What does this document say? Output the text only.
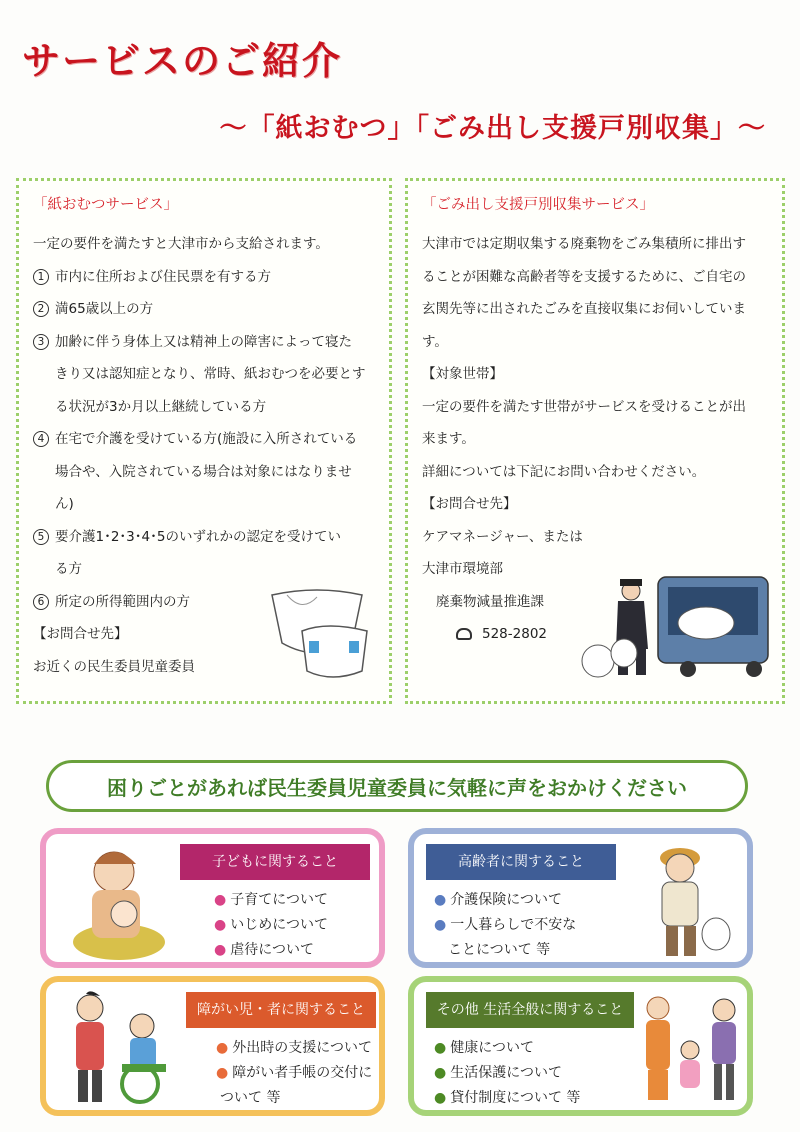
サービスのご紹介
〜「紙おむつ」「ごみ出し支援戸別収集」〜
「紙おむつサービス」

一定の要件を満たすと大津市から支給されます。

1 市内に住所および住民票を有する方
2 満65歳以上の方
3 加齢に伴う身体上又は精神上の障害によって寝た
きり又は認知症となり、常時、紙おむつを必要とす
る状況が3か月以上継続している方
4 在宅で介護を受けている方(施設に入所されている
場合や、入院されている場合は対象にはなりませ
ん)
5 要介護1･2･3･4･5のいずれかの認定を受けてい
る方
6 所定の所得範囲内の方

【お問合せ先】

お近くの民生委員児童委員

「ごみ出し支援戸別収集サービス」

大津市では定期収集する廃棄物をごみ集積所に排出す

ることが困難な高齢者等を支援するために、ご自宅の

玄関先等に出されたごみを直接収集にお伺いしていま

す。

【対象世帯】

一定の要件を満たす世帯がサービスを受けることが出

来ます。

詳細については下記にお問い合わせください。

【お問合せ先】

ケアマネージャー、または

大津市環境部

廃棄物減量推進課

528-2802

困りごとがあれば民生委員児童委員に気軽に声をおかけください
子どもに関すること
● 子育てについて
● いじめについて
● 虐待について
高齢者に関すること
● 介護保険について
● 一人暮らしで不安な
ことについて 等
障がい児・者に関すること
● 外出時の支援について
● 障がい者手帳の交付に
ついて 等
その他 生活全般に関すること
● 健康について
● 生活保護について
● 貸付制度について 等
